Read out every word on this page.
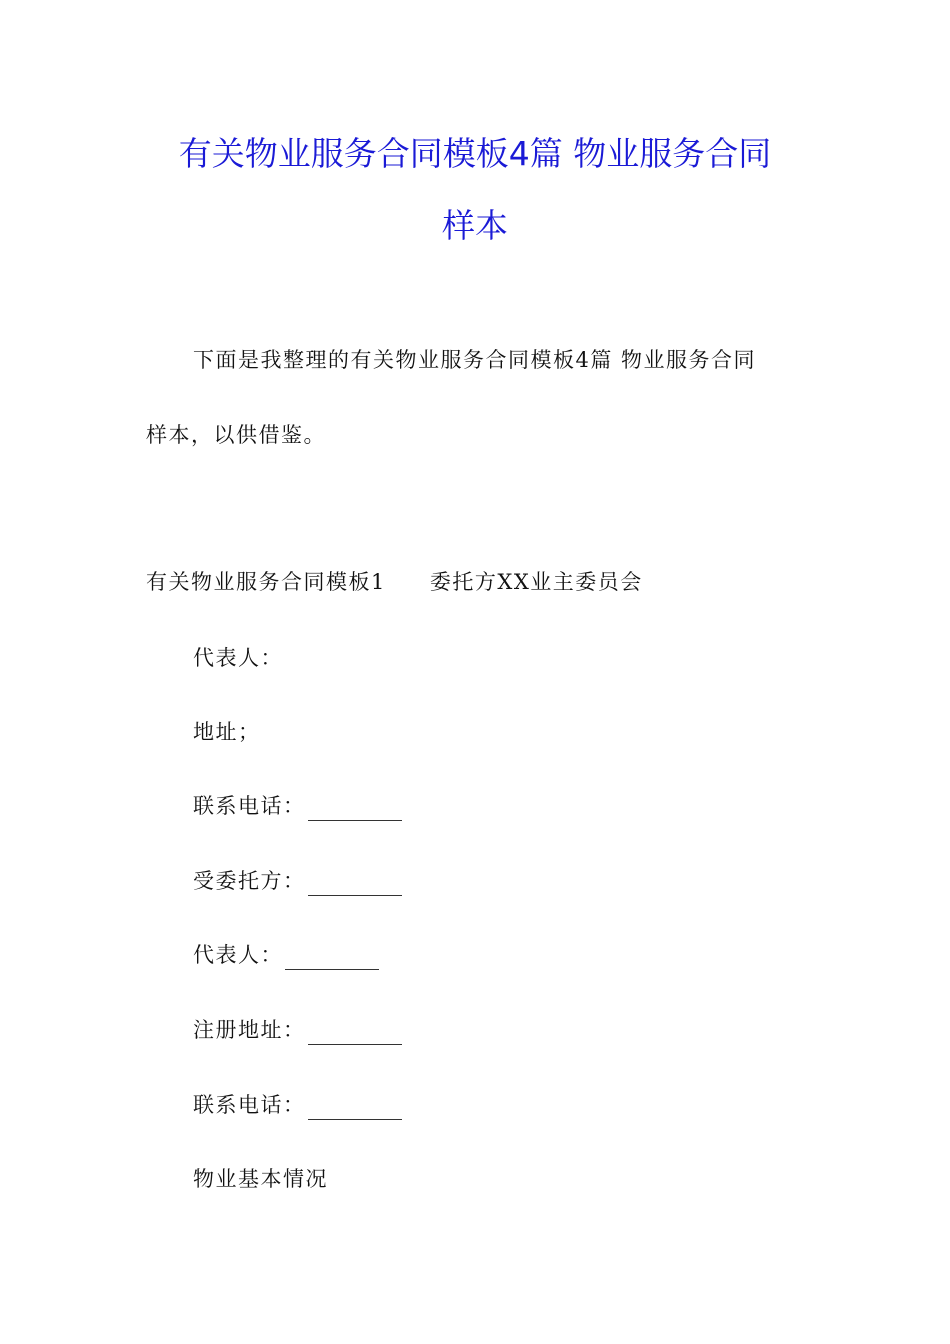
有关物业服务合同模板4篇 物业服务合同
样本
下面是我整理的有关物业服务合同模板4篇 物业服务合同
样本，以供借鉴。
有关物业服务合同模板1 委托方XX业主委员会
代表人：
地址；
联系电话：
受委托方：
代表人：
注册地址：
联系电话：
物业基本情况
